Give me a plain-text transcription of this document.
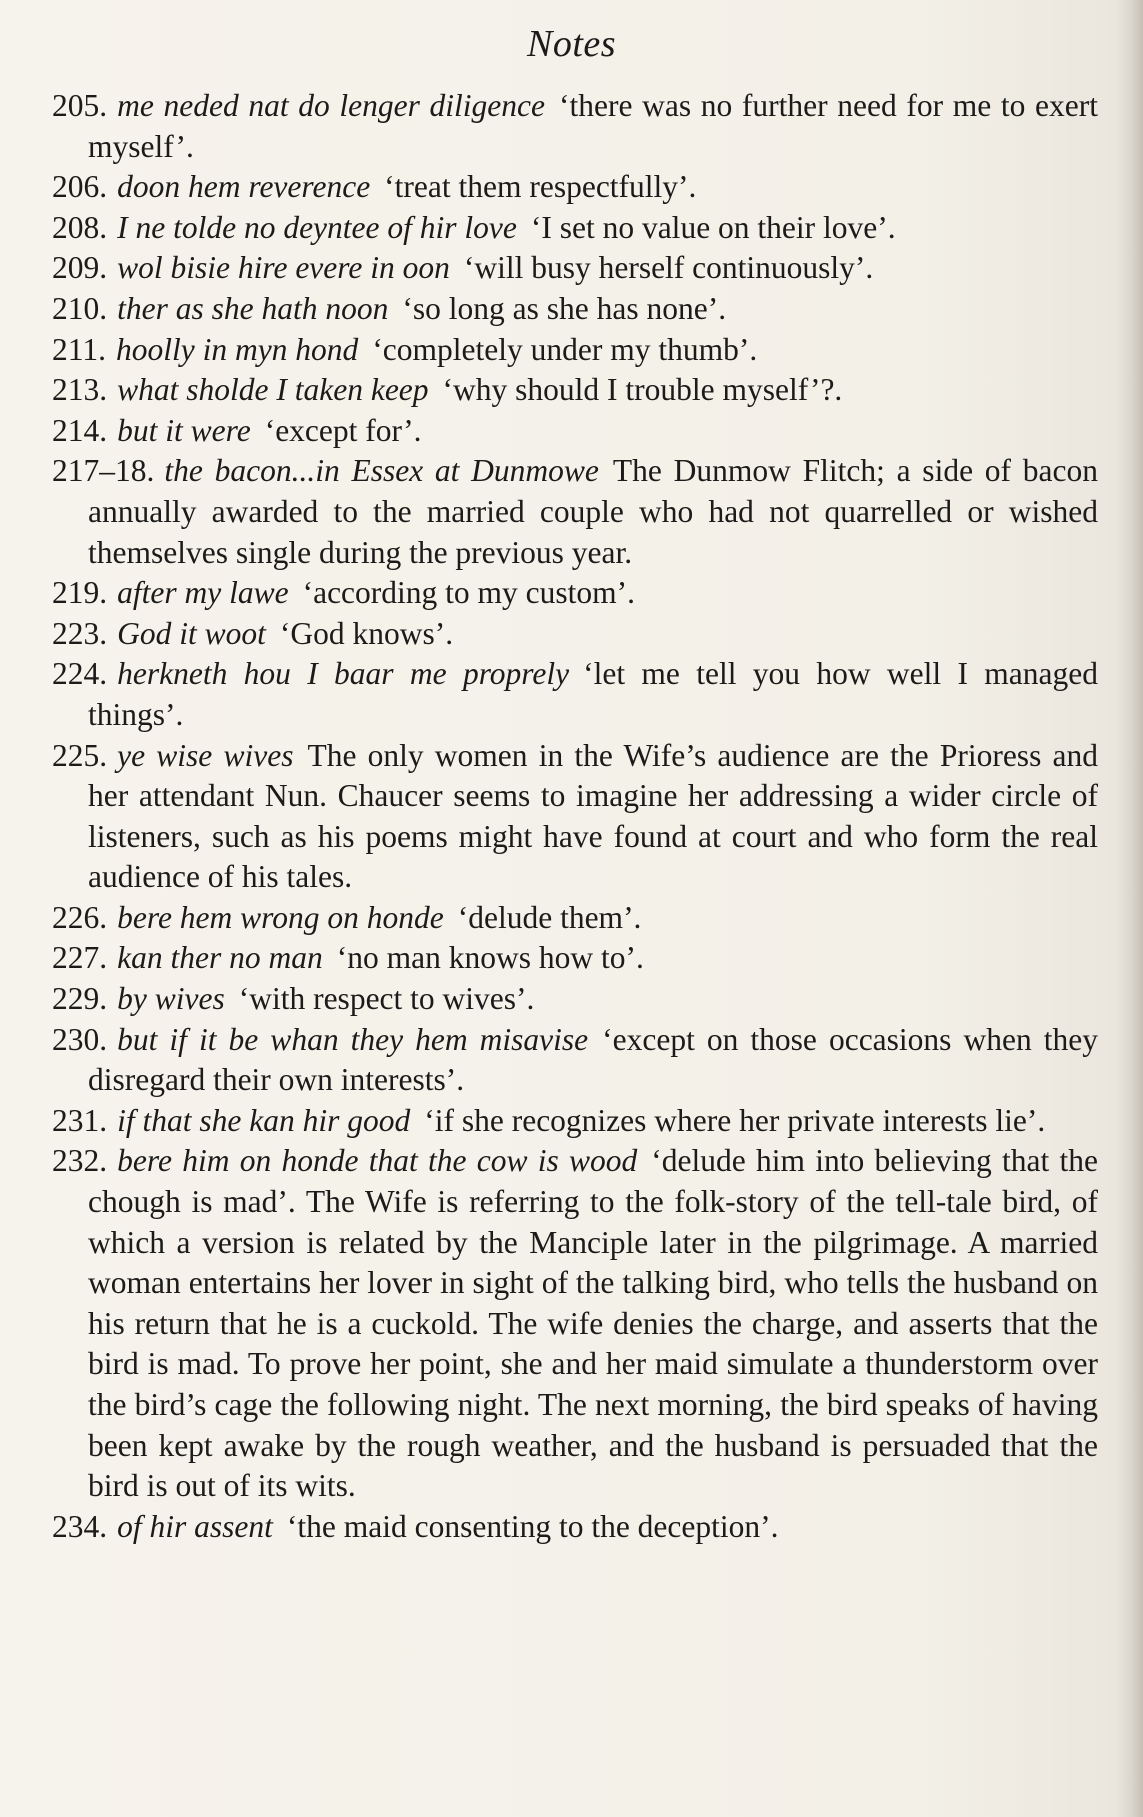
Notes

205. me neded nat do lenger diligence ‘there was no further need for me to exert myself’.

206. doon hem reverence ‘treat them respectfully’.

208. I ne tolde no deyntee of hir love ‘I set no value on their love’.

209. wol bisie hire evere in oon ‘will busy herself continuously’.

210. ther as she hath noon ‘so long as she has none’.

211. hoolly in myn hond ‘completely under my thumb’.

213. what sholde I taken keep ‘why should I trouble myself’?.

214. but it were ‘except for’.

217–18. the bacon...in Essex at Dunmowe The Dunmow Flitch; a side of bacon annually awarded to the married couple who had not quarrelled or wished themselves single during the previous year.

219. after my lawe ‘according to my custom’.

223. God it woot ‘God knows’.

224. herkneth hou I baar me proprely ‘let me tell you how well I managed things’.

225. ye wise wives The only women in the Wife’s audience are the Prioress and her attendant Nun. Chaucer seems to imagine her addressing a wider circle of listeners, such as his poems might have found at court and who form the real audience of his tales.

226. bere hem wrong on honde ‘delude them’.

227. kan ther no man ‘no man knows how to’.

229. by wives ‘with respect to wives’.

230. but if it be whan they hem misavise ‘except on those occasions when they disregard their own interests’.

231. if that she kan hir good ‘if she recognizes where her private interests lie’.

232. bere him on honde that the cow is wood ‘delude him into believing that the chough is mad’. The Wife is referring to the folk-story of the tell-tale bird, of which a version is related by the Manciple later in the pilgrimage. A married woman entertains her lover in sight of the talking bird, who tells the husband on his return that he is a cuckold. The wife denies the charge, and asserts that the bird is mad. To prove her point, she and her maid simulate a thunderstorm over the bird’s cage the following night. The next morning, the bird speaks of having been kept awake by the rough weather, and the husband is persuaded that the bird is out of its wits.

234. of hir assent ‘the maid consenting to the deception’.
